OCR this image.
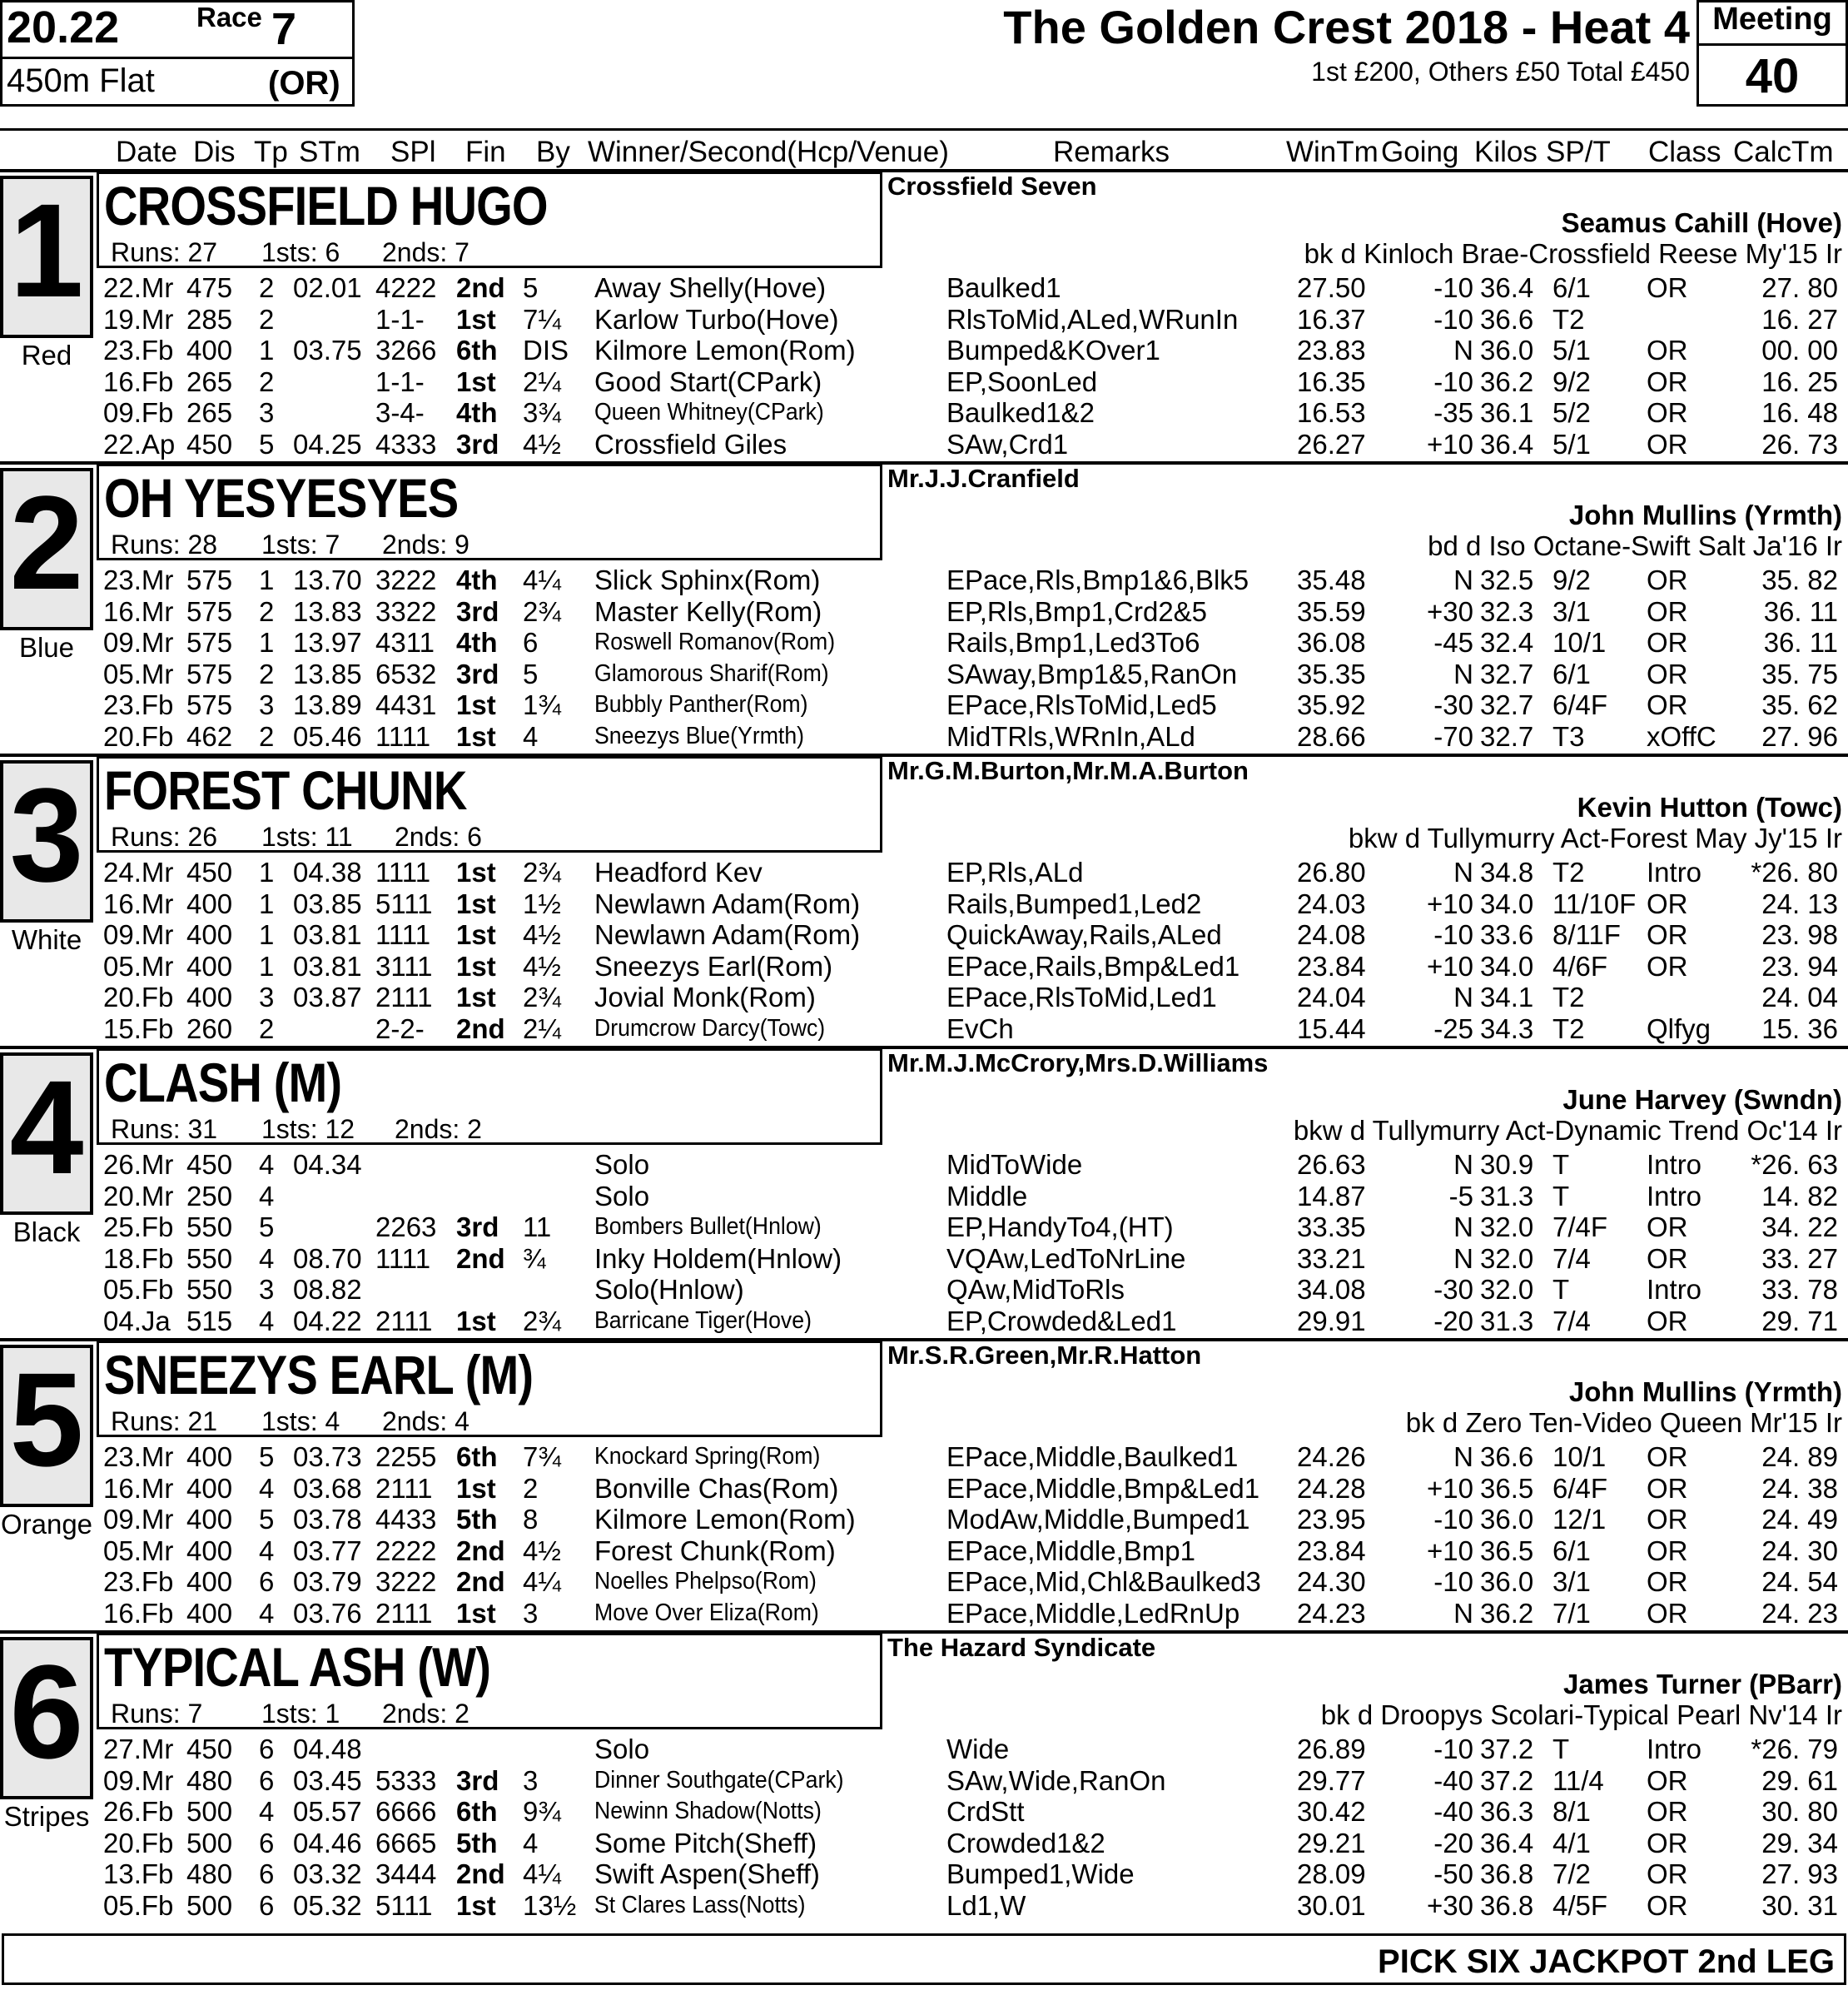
20.22	Race 7
450m Flat	(OR)
The Golden Crest 2018 - Heat 4
1st £200, Others £50 Total £450
Meeting
40
Date Dis Tp STm SPl Fin By Winner/Second(Hcp/Venue)	Remarks	WinTm Going Kilos SP/T Class CalcTm
1
Red
CROSSFIELD HUGO
Runs: 27 1sts: 6 2nds: 7
Crossfield Seven
Seamus Cahill (Hove)
bk d Kinloch Brae-Crossfield Reese My'15 Ir
22.Mr 475 2 02.01 4222 2nd 5 Away Shelly(Hove)	Baulked1	27.50	-10 36.4 6/1 OR	27. 80
19.Mr 285 2	1-1- 1st 7¼ Karlow Turbo(Hove)	RlsToMid,ALed,WRunIn 16.37	-10 36.6 T2	16. 27
23.Fb 400 1 03.75 3266 6th DIS Kilmore Lemon(Rom)	Bumped&KOver1	23.83	N 36.0 5/1 OR	00. 00
16.Fb 265 2	1-1- 1st 2¼ Good Start(CPark)	EP,SoonLed	16.35	-10 36.2 9/2 OR	16. 25
09.Fb 265 3	3-4- 4th 3¾ Queen Whitney(CPark)	Baulked1&2	16.53	-35 36.1 5/2 OR	16. 48
22.Ap 450 5 04.25 4333 3rd 4½ Crossfield Giles	SAw,Crd1	26.27	+10 36.4 5/1 OR	26. 73
2
Blue
OH YESYESYES
Runs: 28 1sts: 7 2nds: 9
Mr.J.J.Cranfield
John Mullins (Yrmth)
bd d Iso Octane-Swift Salt Ja'16 Ir
23.Mr 575 1 13.70 3222 4th 4¼ Slick Sphinx(Rom)	EPace,Rls,Bmp1&6,Blk5 35.48	N 32.5 9/2 OR	35. 82
16.Mr 575 2 13.83 3322 3rd 2¾ Master Kelly(Rom)	EP,Rls,Bmp1,Crd2&5	35.59	+30 32.3 3/1 OR	36. 11
09.Mr 575 1 13.97 4311 4th 6 Roswell Romanov(Rom)	Rails,Bmp1,Led3To6	36.08	-45 32.4 10/1 OR	36. 11
05.Mr 575 2 13.85 6532 3rd 5 Glamorous Sharif(Rom)	SAway,Bmp1&5,RanOn 35.35	N 32.7 6/1 OR	35. 75
23.Fb 575 3 13.89 4431 1st 1¾ Bubbly Panther(Rom)	EPace,RlsToMid,Led5	35.92	-30 32.7 6/4F OR	35. 62
20.Fb 462 2 05.46 1111 1st 4 Sneezys Blue(Yrmth)	MidTRls,WRnIn,ALd	28.66	-70 32.7 T3 xOffC	27. 96
3
White
FOREST CHUNK
Runs: 26 1sts: 11 2nds: 6
Mr.G.M.Burton,Mr.M.A.Burton
Kevin Hutton (Towc)
bkw d Tullymurry Act-Forest May Jy'15 Ir
24.Mr 450 1 04.38 1111 1st 2¾ Headford Kev	EP,Rls,ALd	26.80	N 34.8 T2 Intro	*26. 80
16.Mr 400 1 03.85 5111 1st 1½ Newlawn Adam(Rom)	Rails,Bumped1,Led2	24.03	+10 34.0 11/10F OR	24. 13
09.Mr 400 1 03.81 1111 1st 4½ Newlawn Adam(Rom)	QuickAway,Rails,ALed	24.08	-10 33.6 8/11F OR	23. 98
05.Mr 400 1 03.81 3111 1st 4½ Sneezys Earl(Rom)	EPace,Rails,Bmp&Led1 23.84	+10 34.0 4/6F OR	23. 94
20.Fb 400 3 03.87 2111 1st 2¾ Jovial Monk(Rom)	EPace,RlsToMid,Led1	24.04	N 34.1 T2	24. 04
15.Fb 260 2	2-2- 2nd 2¼ Drumcrow Darcy(Towc)	EvCh	15.44	-25 34.3 T2 Qlfyg	15. 36
4
Black
CLASH (M)
Runs: 31 1sts: 12 2nds: 2
Mr.M.J.McCrory,Mrs.D.Williams
June Harvey (Swndn)
bkw d Tullymurry Act-Dynamic Trend Oc'14 Ir
26.Mr 450 4 04.34	Solo	MidToWide	26.63	N 30.9 T	Intro	*26. 63
20.Mr 250 4	Solo	Middle	14.87	-5 31.3 T	Intro	14. 82
25.Fb 550 5	2263 3rd 11 Bombers Bullet(Hnlow)	EP,HandyTo4,(HT)	33.35	N 32.0 7/4F OR	34. 22
18.Fb 550 4 08.70 1111 2nd ¾ Inky Holdem(Hnlow)	VQAw,LedToNrLine	33.21	N 32.0 7/4 OR	33. 27
05.Fb 550 3 08.82	Solo(Hnlow)	QAw,MidToRls	34.08	-30 32.0 T	Intro	33. 78
04.Ja 515 4 04.22 2111 1st 2¾ Barricane Tiger(Hove)	EP,Crowded&Led1	29.91	-20 31.3 7/4 OR	29. 71
5
Orange
SNEEZYS EARL (M)
Runs: 21 1sts: 4 2nds: 4
Mr.S.R.Green,Mr.R.Hatton
John Mullins (Yrmth)
bk d Zero Ten-Video Queen Mr'15 Ir
23.Mr 400 5 03.73 2255 6th 7¾ Knockard Spring(Rom)	EPace,Middle,Baulked1 24.26	N 36.6 10/1 OR	24. 89
16.Mr 400 4 03.68 2111 1st 2 Bonville Chas(Rom)	EPace,Middle,Bmp&Led1 24.28	+10 36.5 6/4F OR	24. 38
09.Mr 400 5 03.78 4433 5th 8 Kilmore Lemon(Rom)	ModAw,Middle,Bumped1 23.95	-10 36.0 12/1 OR	24. 49
05.Mr 400 4 03.77 2222 2nd 4½ Forest Chunk(Rom)	EPace,Middle,Bmp1	23.84	+10 36.5 6/1 OR	24. 30
23.Fb 400 6 03.79 3222 2nd 4¼ Noelles Phelpso(Rom)	EPace,Mid,Chl&Baulked3 24.30	-10 36.0 3/1 OR	24. 54
16.Fb 400 4 03.76 2111 1st 3 Move Over Eliza(Rom)	EPace,Middle,LedRnUp 24.23	N 36.2 7/1 OR	24. 23
6
Stripes
TYPICAL ASH (W)
Runs: 7 1sts: 1 2nds: 2
The Hazard Syndicate
James Turner (PBarr)
bk d Droopys Scolari-Typical Pearl Nv'14 Ir
27.Mr 450 6 04.48	Solo	Wide	26.89	-10 37.2 T	Intro	*26. 79
09.Mr 480 6 03.45 5333 3rd 3 Dinner Southgate(CPark)	SAw,Wide,RanOn	29.77	-40 37.2 11/4 OR	29. 61
26.Fb 500 4 05.57 6666 6th 9¾ Newinn Shadow(Notts)	CrdStt	30.42	-40 36.3 8/1 OR	30. 80
20.Fb 500 6 04.46 6665 5th 4 Some Pitch(Sheff)	Crowded1&2	29.21	-20 36.4 4/1 OR	29. 34
13.Fb 480 6 03.32 3444 2nd 4¼ Swift Aspen(Sheff)	Bumped1,Wide	28.09	-50 36.8 7/2 OR	27. 93
05.Fb 500 6 05.32 5111 1st 13½ St Clares Lass(Notts)	Ld1,W	30.01	+30 36.8 4/5F OR	30. 31
PICK SIX JACKPOT 2nd LEG
